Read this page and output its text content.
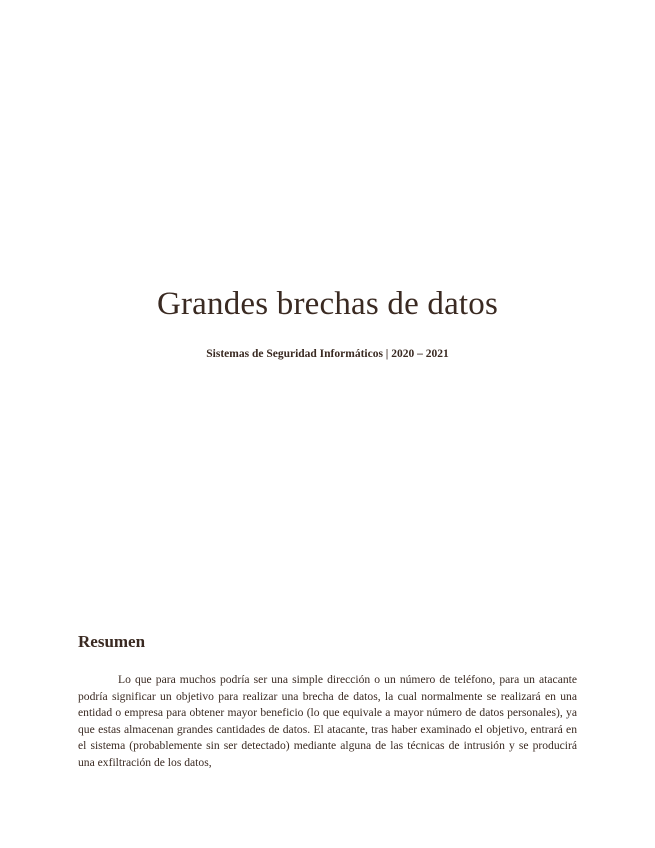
Grandes brechas de datos
Sistemas de Seguridad Informáticos | 2020 – 2021
Resumen

Lo que para muchos podría ser una simple dirección o un número de teléfono, para un atacante podría significar un objetivo para realizar una brecha de datos, la cual normalmente se realizará en una entidad o empresa para obtener mayor beneficio (lo que equivale a mayor número de datos personales), ya que estas almacenan grandes cantidades de datos. El atacante, tras haber examinado el objetivo, entrará en el sistema (probablemente sin ser detectado) mediante alguna de las técnicas de intrusión y se producirá una exfiltración de los datos,
